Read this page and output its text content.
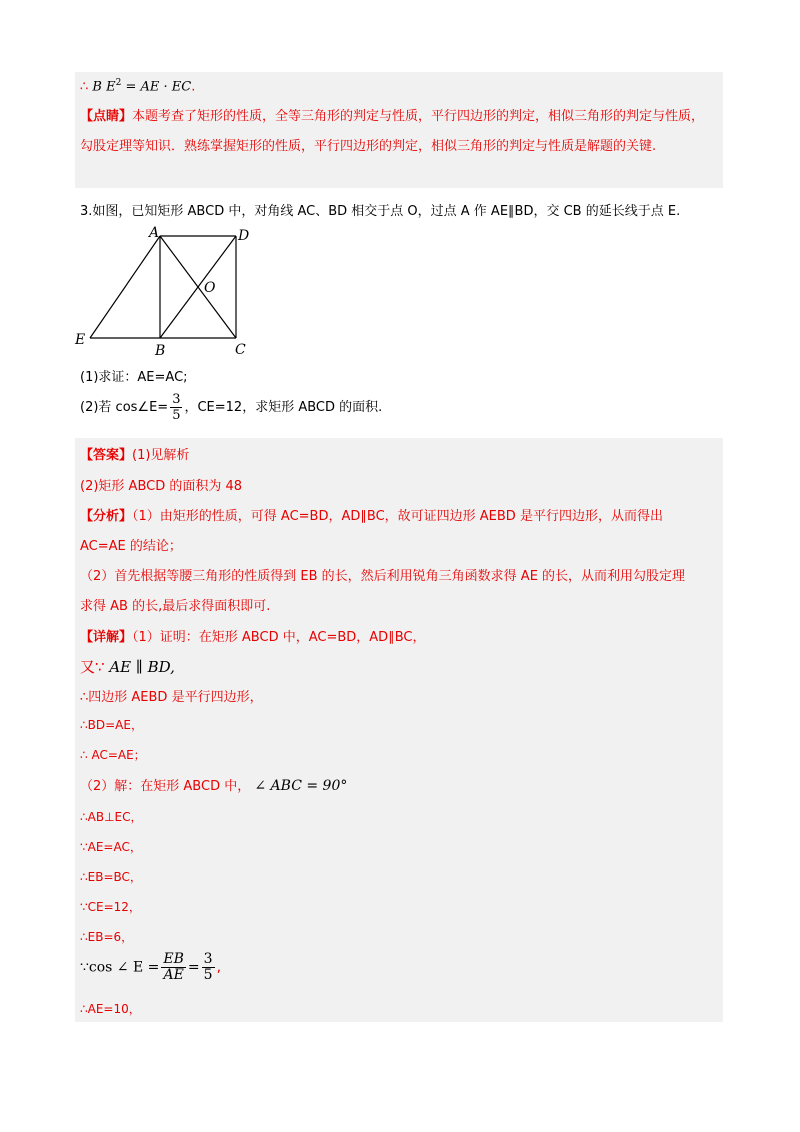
∴ B $E^2$ = AE · EC.
【点睛】本题考查了矩形的性质，全等三角形的判定与性质，平行四边形的判定，相似三角形的判定与性质，勾股定理等知识．熟练掌握矩形的性质，平行四边形的判定，相似三角形的判定与性质是解题的关键.
3.如图，已知矩形 ABCD 中，对角线 AC、BD 相交于点 O，过点 A 作 AE∥BD，交 CB 的延长线于点 E.
A	D
O
E
B	C
(1)求证：AE=AC;
(2)若 cos∠E= $\frac{3}{5}$ ，CE=12，求矩形 ABCD 的面积.
【答案】(1)见解析
(2)矩形 ABCD 的面积为 48
【分析】（1）由矩形的性质，可得 AC=BD，AD∥BC，故可证四边形 AEBD 是平行四边形，从而得出
AC=AE 的结论；
（2）首先根据等腰三角形的性质得到 EB 的长，然后利用锐角三角函数求得 AE 的长，从而利用勾股定理
求得 AB 的长,最后求得面积即可.
【详解】（1）证明：在矩形 ABCD 中，AC=BD，AD∥BC，
又∵ AE ∥ BD,
∴四边形 AEBD 是平行四边形，
∴BD=AE，
∴ AC=AE；
（2）解：在矩形 ABCD 中， ∠ ABC = 90°
∴AB⊥EC，
∵AE=AC，
∴EB=BC，
∵CE=12，
∴EB=6，
∵cos ∠ $E = \frac{EB}{AE} = \frac{3}{5}$ ,
∴AE=10，
